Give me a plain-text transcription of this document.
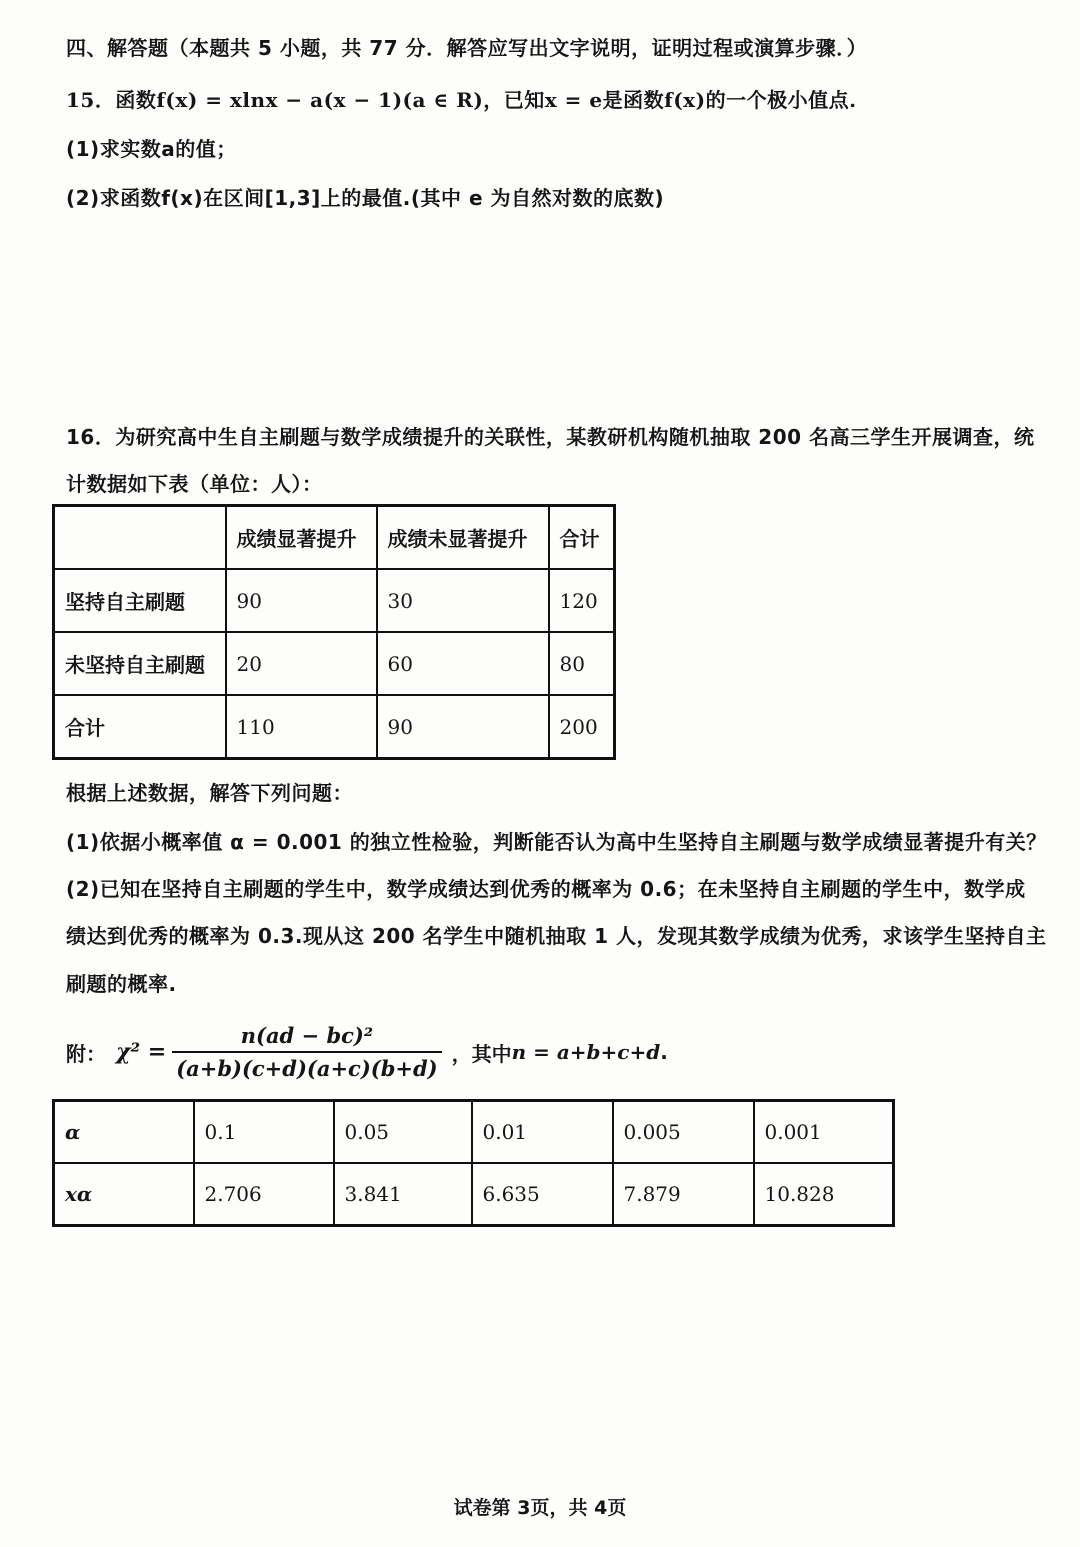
四、解答题（本题共 5 小题，共 77 分．解答应写出文字说明，证明过程或演算步骤．）
15．函数f(x) = xlnx − a(x − 1)(a ∈ R)，已知x = e是函数f(x)的一个极小值点.
(1)求实数a的值；
(2)求函数f(x)在区间[1,3]上的最值.(其中 e 为自然对数的底数)
16．为研究高中生自主刷题与数学成绩提升的关联性，某教研机构随机抽取 200 名高三学生开展调查，统
计数据如下表（单位：人）：
	成绩显著提升	成绩未显著提升	合计
坚持自主刷题	90	30	120
未坚持自主刷题	20	60	80
合计	110	90	200
根据上述数据，解答下列问题：
(1)依据小概率值 α = 0.001 的独立性检验，判断能否认为高中生坚持自主刷题与数学成绩显著提升有关？
(2)已知在坚持自主刷题的学生中，数学成绩达到优秀的概率为 0.6；在未坚持自主刷题的学生中，数学成
绩达到优秀的概率为 0.3.现从这 200 名学生中随机抽取 1 人，发现其数学成绩为优秀，求该学生坚持自主
刷题的概率.
附： $\chi^2 = \frac{\text{n(ad − bc)²}}{(a+b)(c+d)(a+c)(b+d)}$ ，其中 n = a+b+c+d .
α	0.1	0.05	0.01	0.005	0.001
xα	2.706	3.841	6.635	7.879	10.828
试卷第 3页，共 4页
